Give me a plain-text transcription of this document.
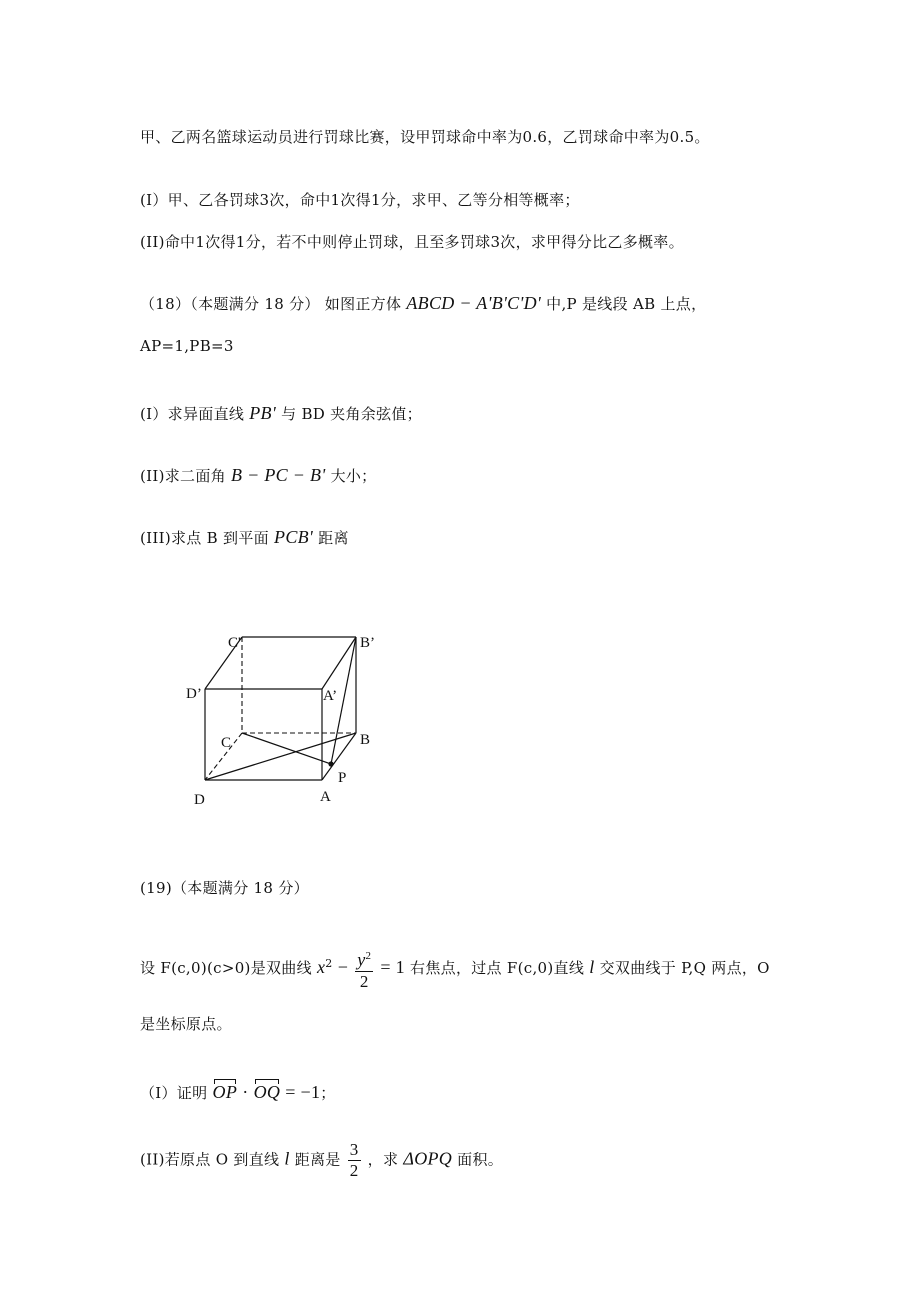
甲、乙两名篮球运动员进行罚球比赛，设甲罚球命中率为0.6，乙罚球命中率为0.5。
(I）甲、乙各罚球3次，命中1次得1分，求甲、乙等分相等概率；
(II)命中1次得1分，若不中则停止罚球，且至多罚球3次，求甲得分比乙多概率。
（18）（本题满分 18 分） 如图正方体 ABCD − A'B'C'D' 中,P 是线段 AB 上点，
AP=1,PB=3
(I）求异面直线 PB' 与 BD 夹角余弦值；
(II)求二面角 B − PC − B' 大小；
(III)求点 B 到平面 PCB' 距离
C'	B’
D’	A’
C	B
P
D	A
(19)（本题满分 18 分）
设 F(c,0)(c>0)是双曲线 $x^2 - \frac{y^2}{2} = 1$ 右焦点，过点 F(c,0)直线 l 交双曲线于 P,Q 两点，O
是坐标原点。
（I）证明 OP · OQ = −1；
(II)若原点 O 到直线 l 距离是 $\frac{3}{2}$ ，求 ΔOPQ 面积。
